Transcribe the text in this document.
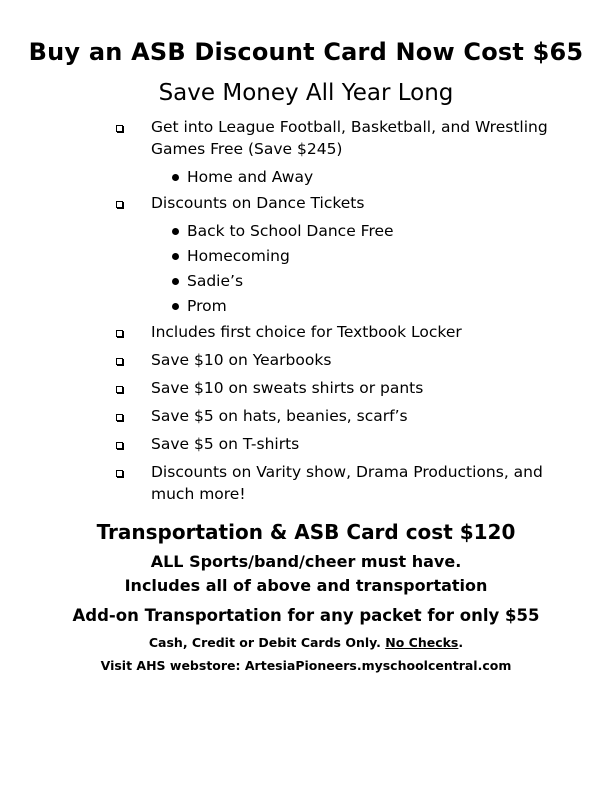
Buy an ASB Discount Card Now Cost $65
Save Money All Year Long
Get into League Football, Basketball, and Wrestling Games Free (Save $245)
Home and Away
Discounts on Dance Tickets
Back to School Dance Free
Homecoming
Sadie’s
Prom
Includes first choice for Textbook Locker
Save $10 on Yearbooks
Save $10 on sweats shirts or pants
Save $5 on hats, beanies, scarf’s
Save $5 on T-shirts
Discounts on Varity show, Drama Productions, and much more!
Transportation & ASB Card cost $120
ALL Sports/band/cheer must have.
Includes all of above and transportation
Add-on Transportation for any packet for only $55
Cash, Credit or Debit Cards Only. No Checks.
Visit AHS webstore: ArtesiaPioneers.myschoolcentral.com
